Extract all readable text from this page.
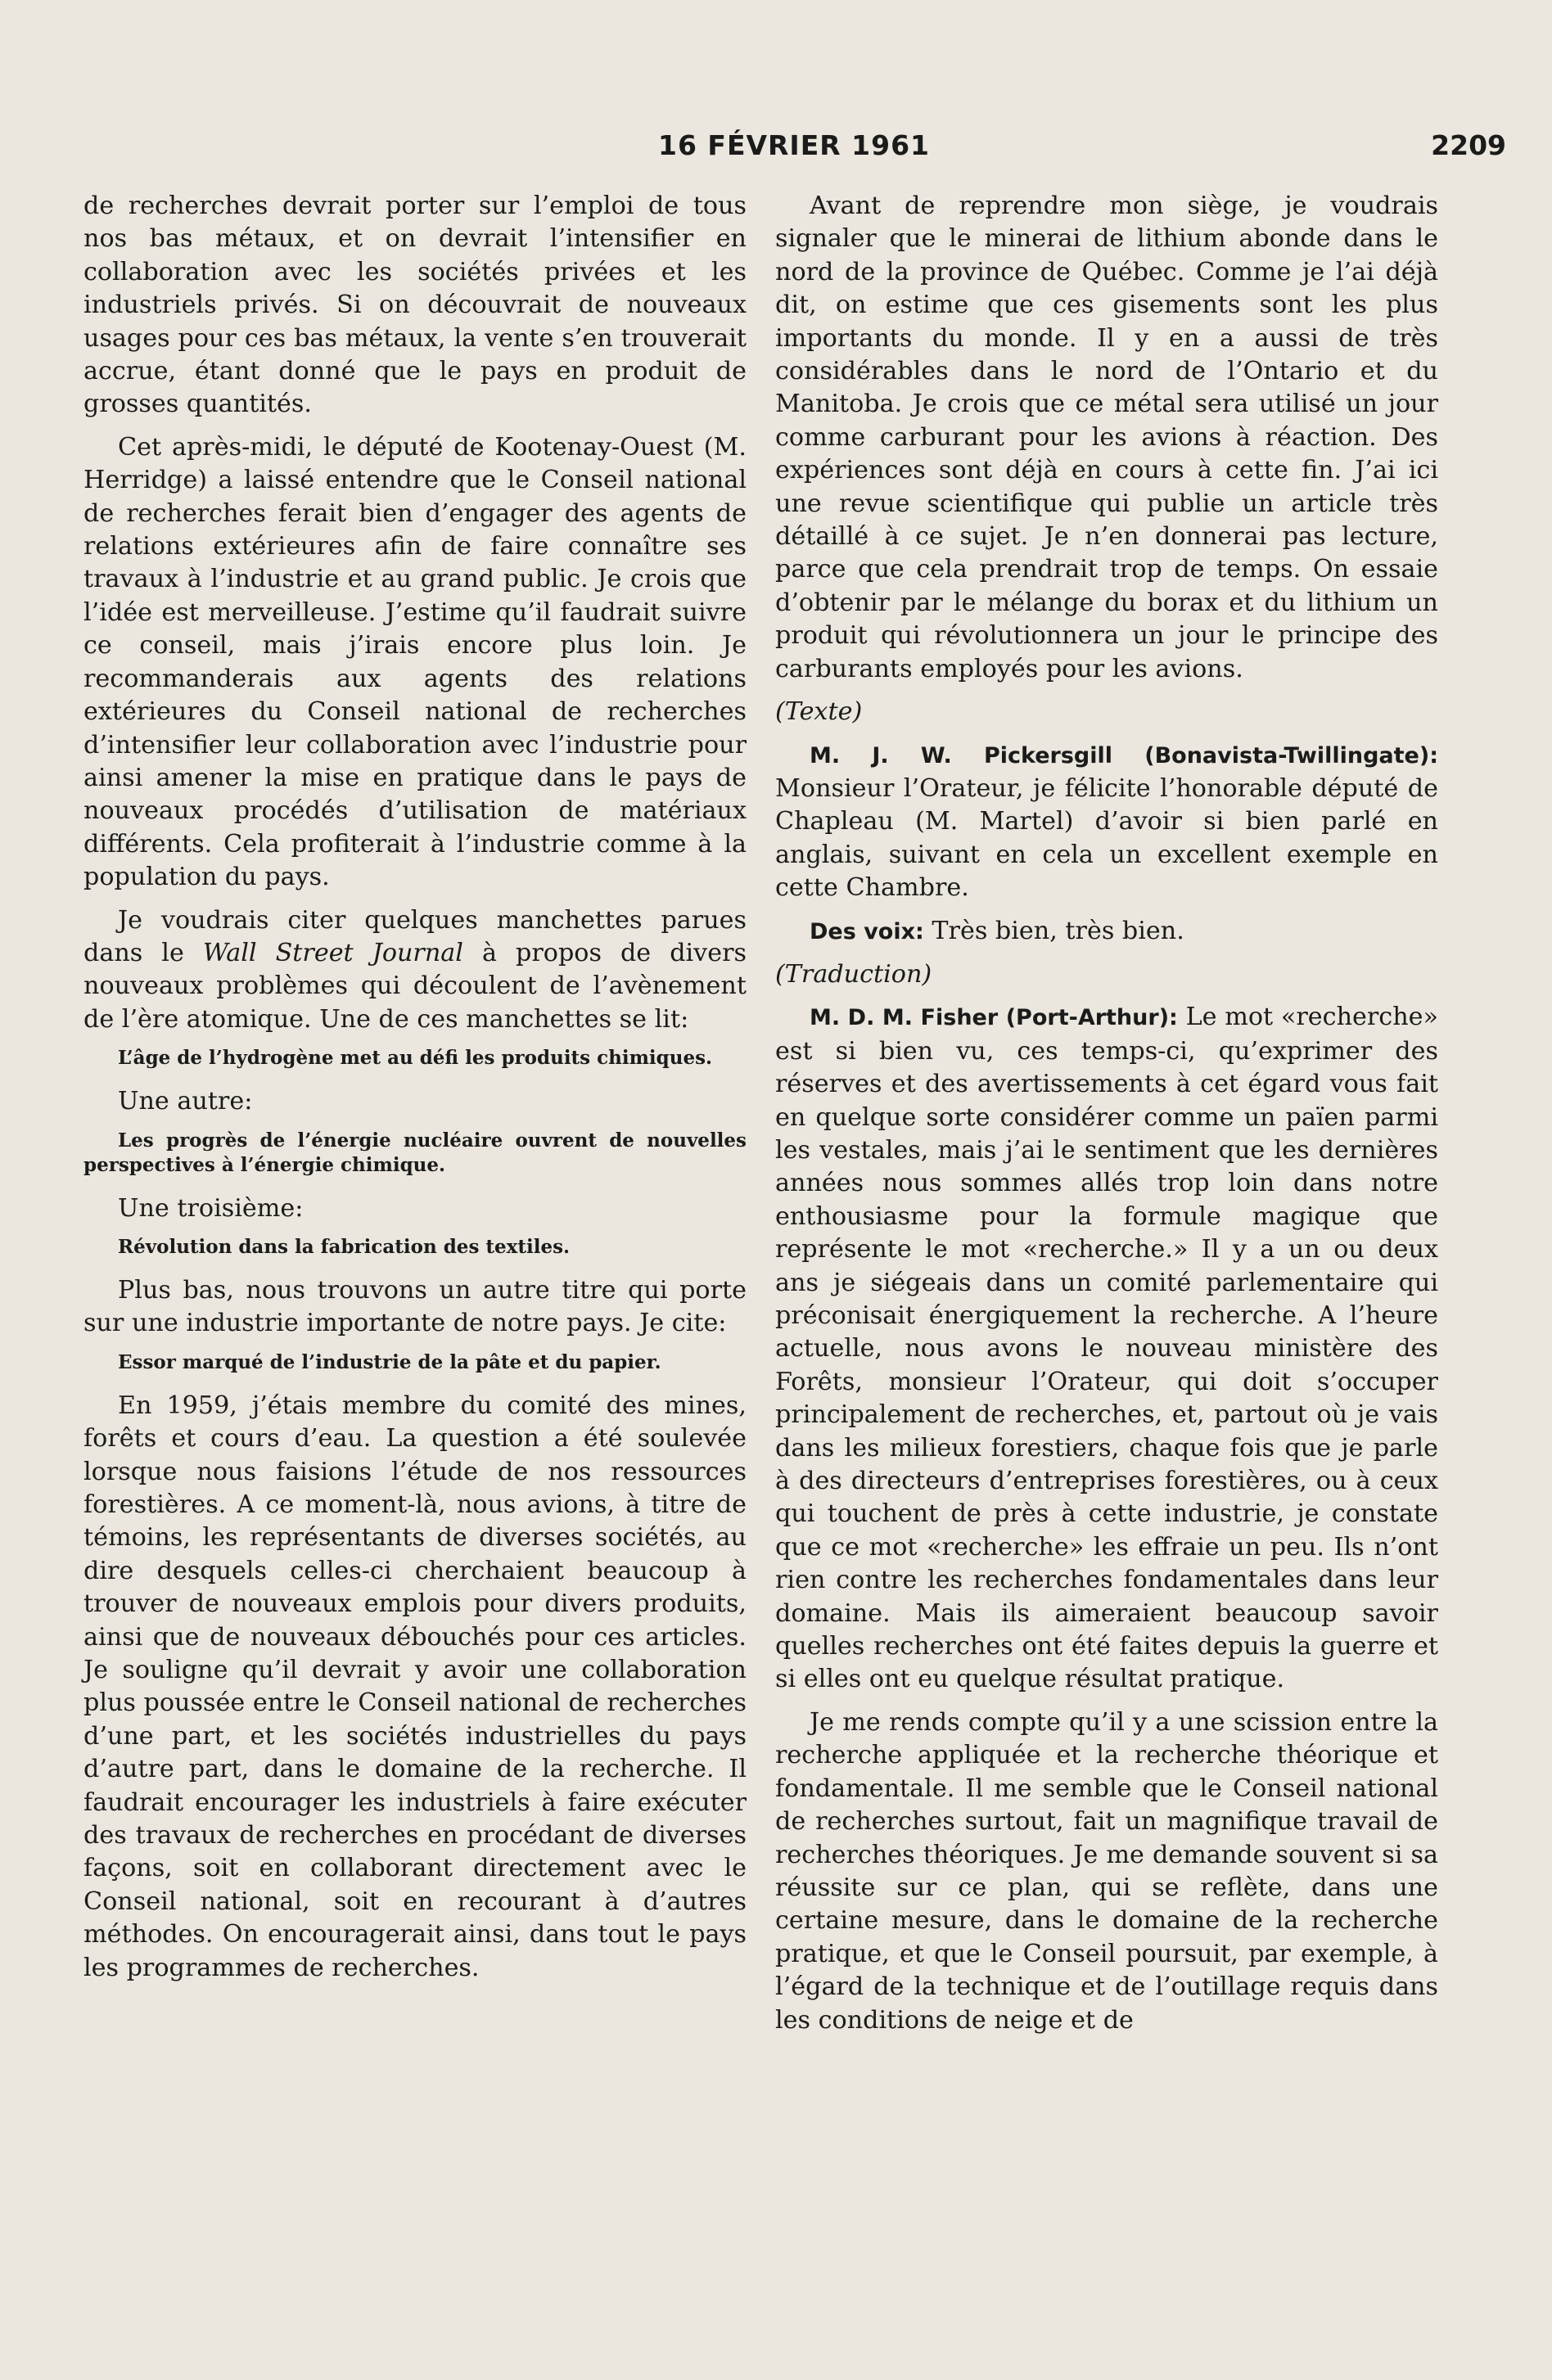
16 FÉVRIER 1961	2209

de recherches devrait porter sur l’emploi de tous nos bas métaux, et on devrait l’intensifier en collaboration avec les sociétés privées et les industriels privés. Si on découvrait de nouveaux usages pour ces bas métaux, la vente s’en trouverait accrue, étant donné que le pays en produit de grosses quantités.

Cet après-midi, le député de Kootenay-Ouest (M. Herridge) a laissé entendre que le Conseil national de recherches ferait bien d’engager des agents de relations extérieures afin de faire connaître ses travaux à l’industrie et au grand public. Je crois que l’idée est merveilleuse. J’estime qu’il faudrait suivre ce conseil, mais j’irais encore plus loin. Je recommanderais aux agents des relations extérieures du Conseil national de recherches d’intensifier leur collaboration avec l’industrie pour ainsi amener la mise en pratique dans le pays de nouveaux procédés d’utilisation de matériaux différents. Cela profiterait à l’industrie comme à la population du pays.

Je voudrais citer quelques manchettes parues dans le Wall Street Journal à propos de divers nouveaux problèmes qui découlent de l’avènement de l’ère atomique. Une de ces manchettes se lit:

L’âge de l’hydrogène met au défi les produits chimiques.

Une autre:

Les progrès de l’énergie nucléaire ouvrent de nouvelles perspectives à l’énergie chimique.

Une troisième:

Révolution dans la fabrication des textiles.

Plus bas, nous trouvons un autre titre qui porte sur une industrie importante de notre pays. Je cite:

Essor marqué de l’industrie de la pâte et du papier.

En 1959, j’étais membre du comité des mines, forêts et cours d’eau. La question a été soulevée lorsque nous faisions l’étude de nos ressources forestières. A ce moment-là, nous avions, à titre de témoins, les représentants de diverses sociétés, au dire desquels celles-ci cherchaient beaucoup à trouver de nouveaux emplois pour divers produits, ainsi que de nouveaux débouchés pour ces articles. Je souligne qu’il devrait y avoir une collaboration plus poussée entre le Conseil national de recherches d’une part, et les sociétés industrielles du pays d’autre part, dans le domaine de la recherche. Il faudrait encourager les industriels à faire exécuter des travaux de recherches en procédant de diverses façons, soit en collaborant directement avec le Conseil national, soit en recourant à d’autres méthodes. On encouragerait ainsi, dans tout le pays les programmes de recherches.

Avant de reprendre mon siège, je voudrais signaler que le minerai de lithium abonde dans le nord de la province de Québec. Comme je l’ai déjà dit, on estime que ces gisements sont les plus importants du monde. Il y en a aussi de très considérables dans le nord de l’Ontario et du Manitoba. Je crois que ce métal sera utilisé un jour comme carburant pour les avions à réaction. Des expériences sont déjà en cours à cette fin. J’ai ici une revue scientifique qui publie un article très détaillé à ce sujet. Je n’en donnerai pas lecture, parce que cela prendrait trop de temps. On essaie d’obtenir par le mélange du borax et du lithium un produit qui révolutionnera un jour le principe des carburants employés pour les avions.

(Texte)

M. J. W. Pickersgill (Bonavista-Twillingate): Monsieur l’Orateur, je félicite l’honorable député de Chapleau (M. Martel) d’avoir si bien parlé en anglais, suivant en cela un excellent exemple en cette Chambre.

Des voix: Très bien, très bien.

(Traduction)

M. D. M. Fisher (Port-Arthur): Le mot «recherche» est si bien vu, ces temps-ci, qu’exprimer des réserves et des avertissements à cet égard vous fait en quelque sorte considérer comme un païen parmi les vestales, mais j’ai le sentiment que les dernières années nous sommes allés trop loin dans notre enthousiasme pour la formule magique que représente le mot «recherche.» Il y a un ou deux ans je siégeais dans un comité parlementaire qui préconisait énergiquement la recherche. A l’heure actuelle, nous avons le nouveau ministère des Forêts, monsieur l’Orateur, qui doit s’occuper principalement de recherches, et, partout où je vais dans les milieux forestiers, chaque fois que je parle à des directeurs d’entreprises forestières, ou à ceux qui touchent de près à cette industrie, je constate que ce mot «recherche» les effraie un peu. Ils n’ont rien contre les recherches fondamentales dans leur domaine. Mais ils aimeraient beaucoup savoir quelles recherches ont été faites depuis la guerre et si elles ont eu quelque résultat pratique.

Je me rends compte qu’il y a une scission entre la recherche appliquée et la recherche théorique et fondamentale. Il me semble que le Conseil national de recherches surtout, fait un magnifique travail de recherches théoriques. Je me demande souvent si sa réussite sur ce plan, qui se reflète, dans une certaine mesure, dans le domaine de la recherche pratique, et que le Conseil poursuit, par exemple, à l’égard de la technique et de l’outillage requis dans les conditions de neige et de
